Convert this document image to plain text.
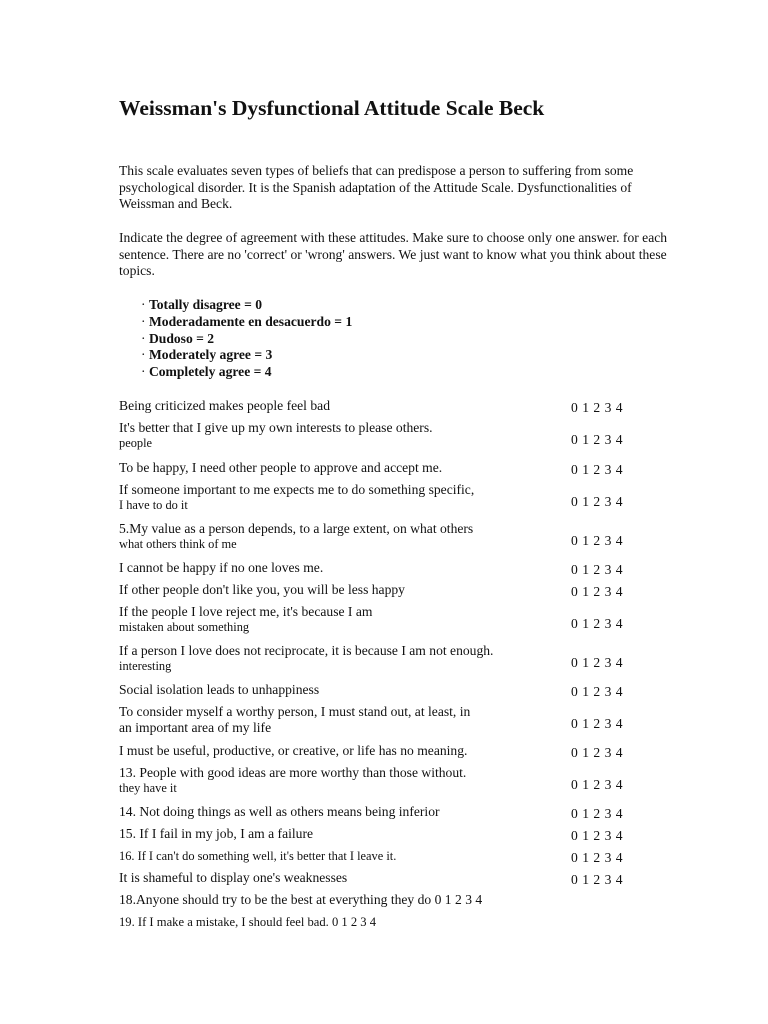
Weissman's Dysfunctional Attitude Scale Beck

This scale evaluates seven types of beliefs that can predispose a person to suffering from some psychological disorder. It is the Spanish adaptation of the Attitude Scale. Dysfunctionalities of Weissman and Beck.

Indicate the degree of agreement with these attitudes. Make sure to choose only one answer. for each sentence. There are no 'correct' or 'wrong' answers. We just want to know what you think about these topics.

· Totally disagree = 0
· Moderadamente en desacuerdo = 1
· Dudoso = 2
· Moderately agree = 3
· Completely agree = 4
Being criticized makes people feel bad	0 1 2 3 4
It's better that I give up my own interests to please others.
people	0 1 2 3 4
To be happy, I need other people to approve and accept me.	0 1 2 3 4
If someone important to me expects me to do something specific,
I have to do it	0 1 2 3 4
5.My value as a person depends, to a large extent, on what others
what others think of me	0 1 2 3 4
I cannot be happy if no one loves me.	0 1 2 3 4
If other people don't like you, you will be less happy	0 1 2 3 4
If the people I love reject me, it's because I am
mistaken about something	0 1 2 3 4
If a person I love does not reciprocate, it is because I am not enough.
interesting	0 1 2 3 4
Social isolation leads to unhappiness	0 1 2 3 4
To consider myself a worthy person, I must stand out, at least, in
an important area of my life	0 1 2 3 4
I must be useful, productive, or creative, or life has no meaning.	0 1 2 3 4
13. People with good ideas are more worthy than those without.
they have it	0 1 2 3 4
14. Not doing things as well as others means being inferior	0 1 2 3 4
15. If I fail in my job, I am a failure	0 1 2 3 4
16. If I can't do something well, it's better that I leave it.	0 1 2 3 4
It is shameful to display one's weaknesses	0 1 2 3 4
18.Anyone should try to be the best at everything they do 0 1 2 3 4
19. If I make a mistake, I should feel bad. 0 1 2 3 4
